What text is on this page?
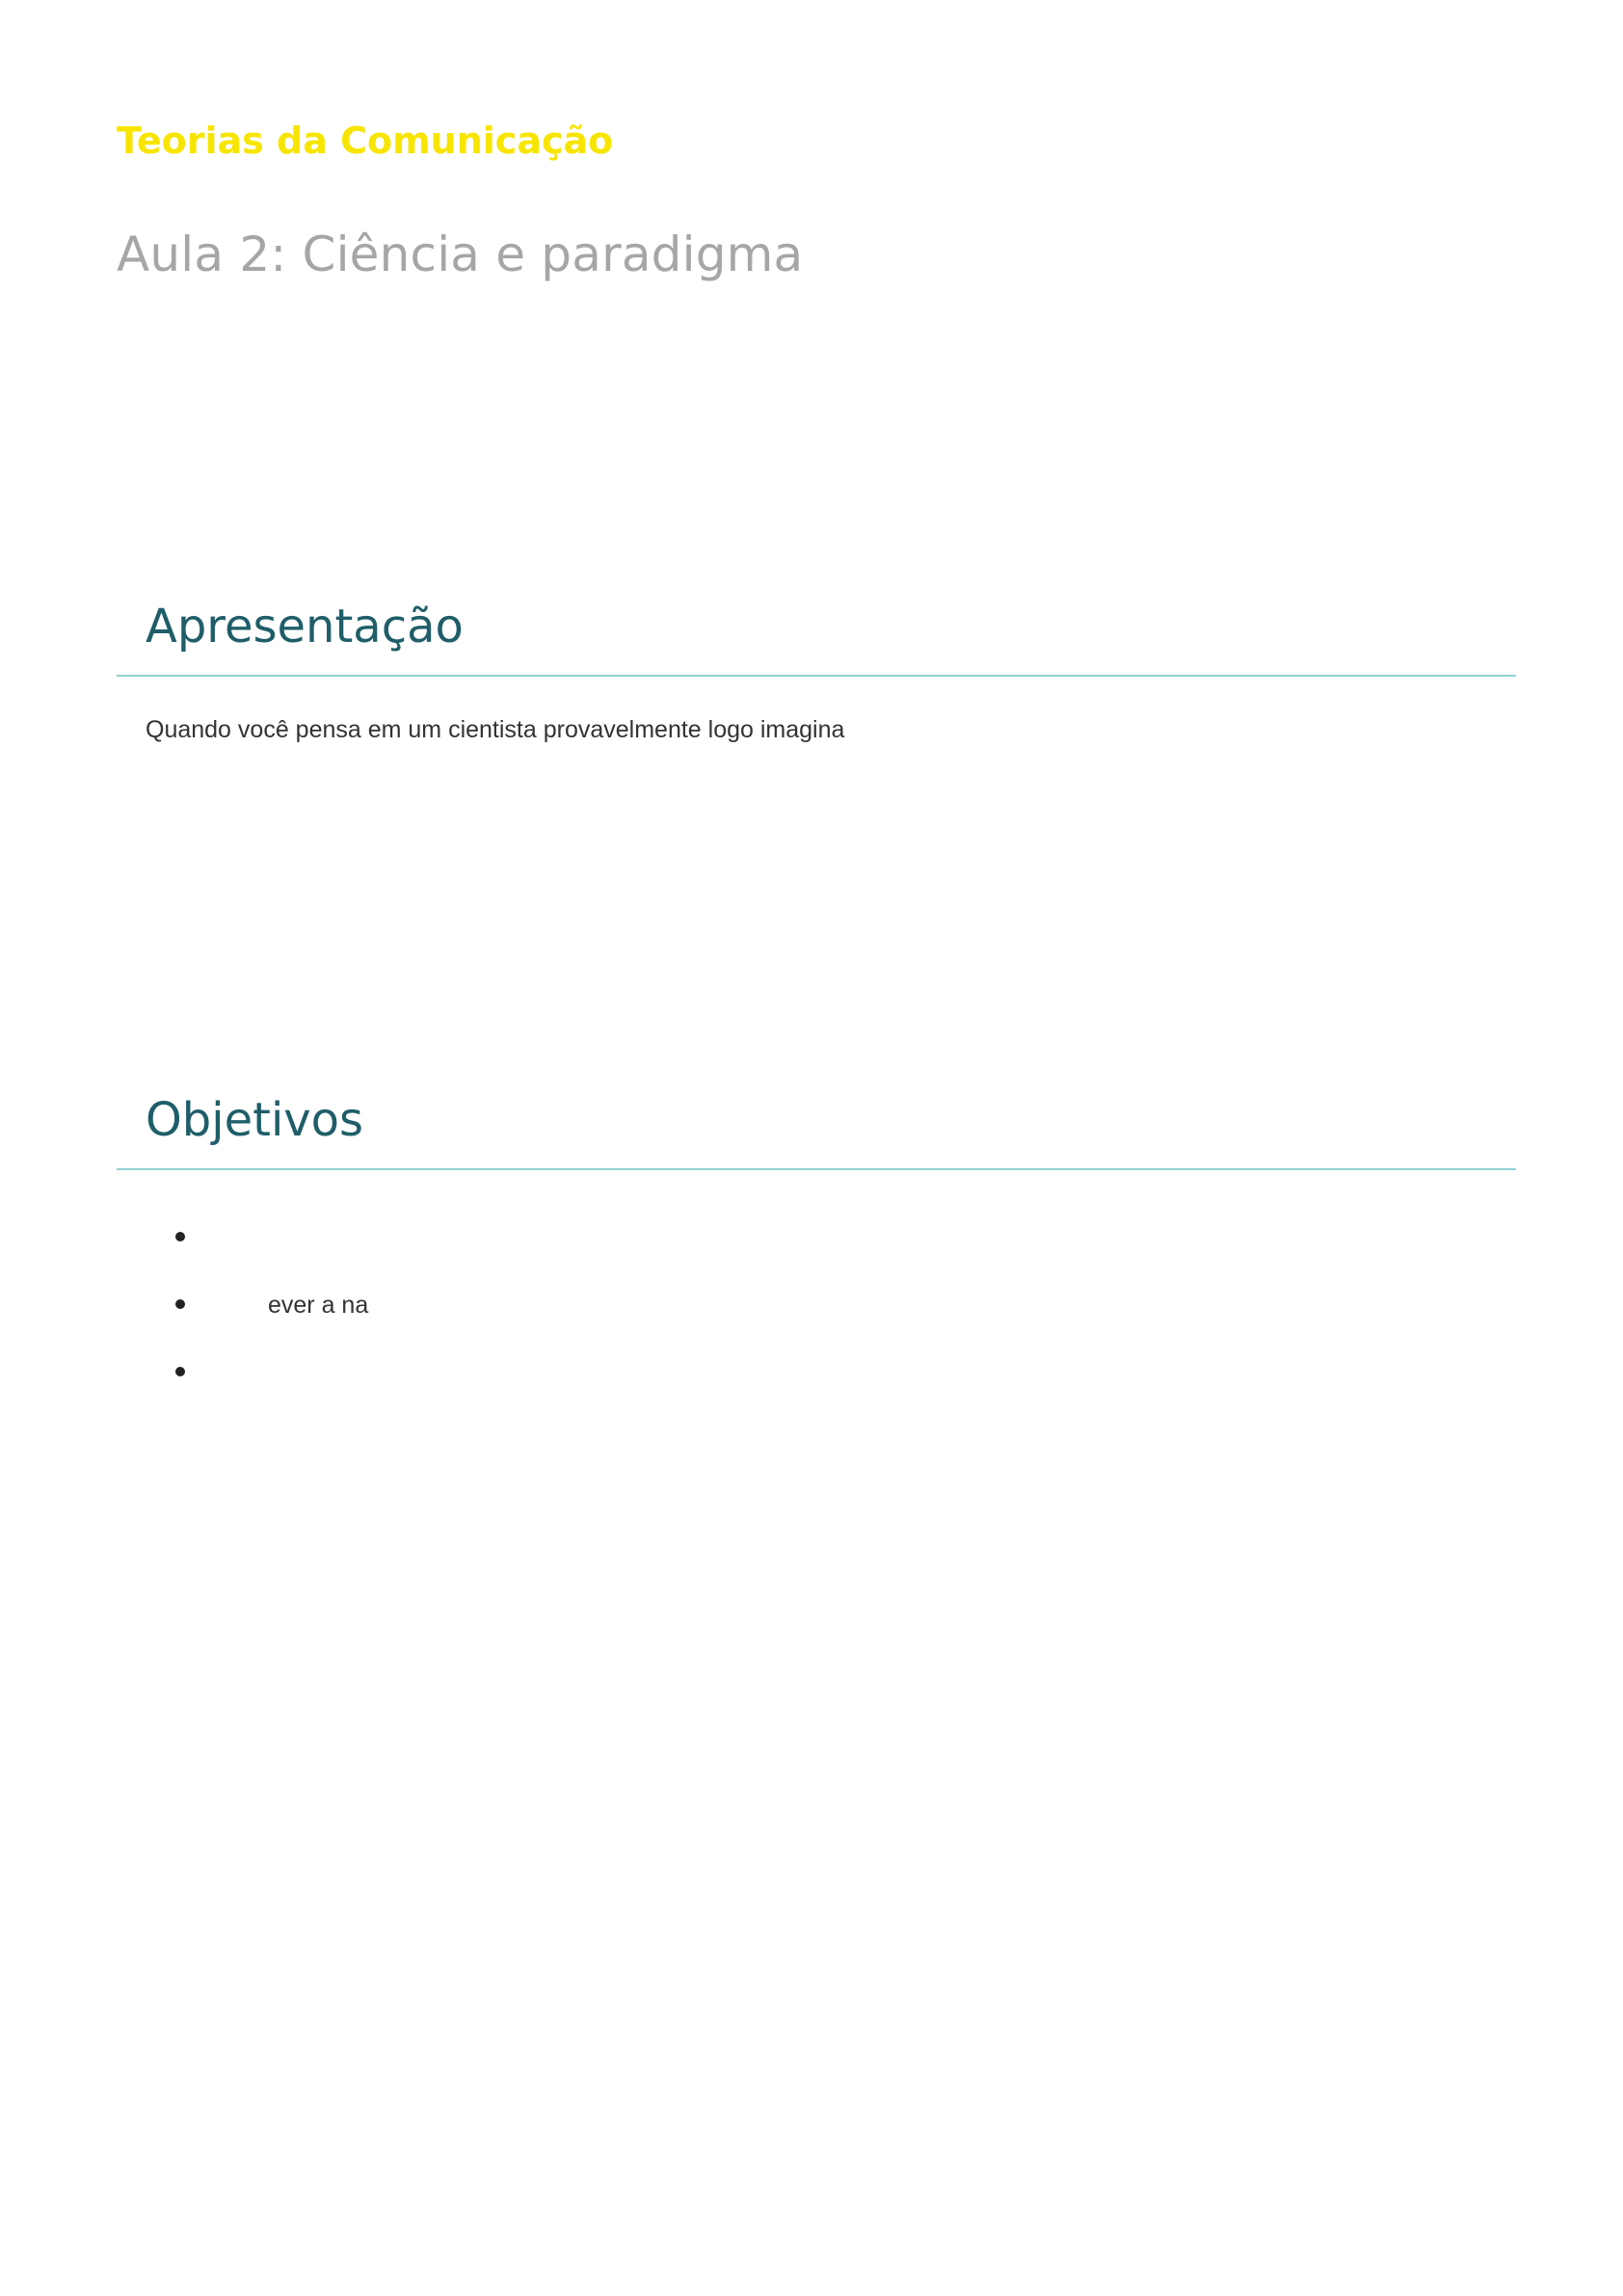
Teorias da Comunicação
Aula 2: Ciência e paradigma
Apresentação

Quando você pensa em um cientista provavelmente logo imagina

Objetivos
ever a na
